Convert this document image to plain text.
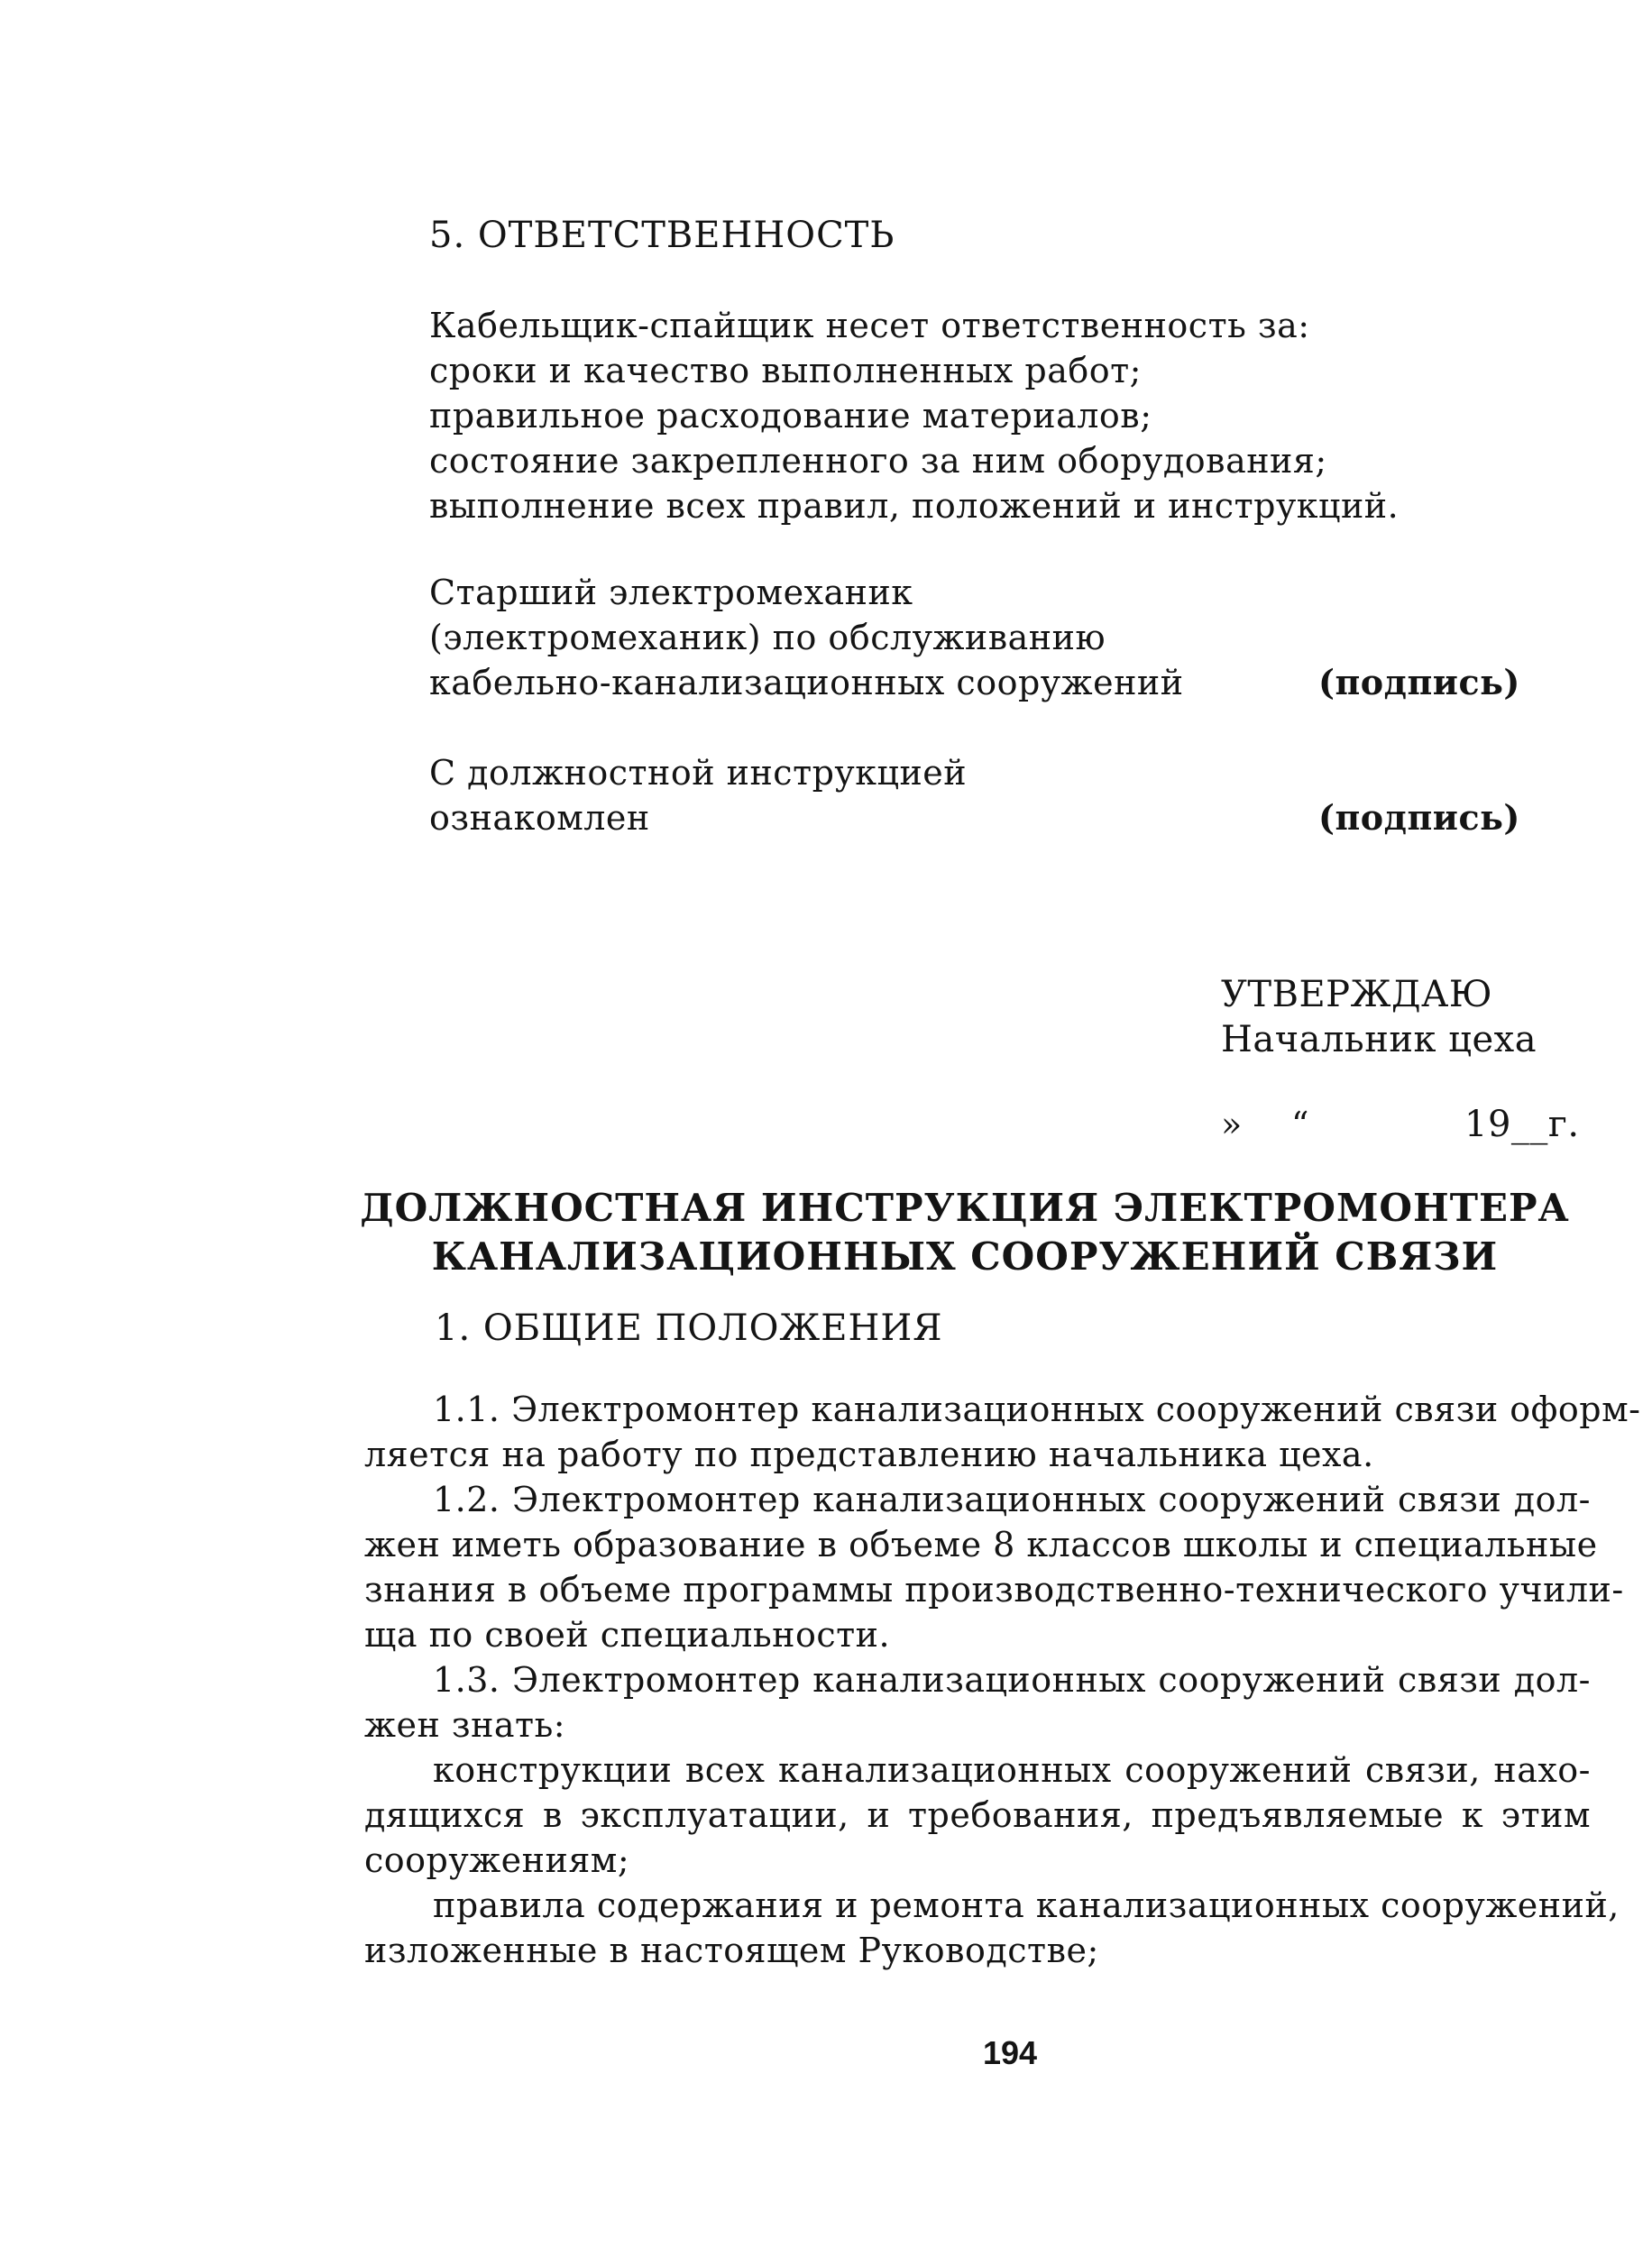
5. ОТВЕТСТВЕННОСТЬ
Кабельщик-спайщик несет ответственность за:
сроки и качество выполненных работ;
правильное расходование материалов;
состояние закрепленного за ним оборудования;
выполнение всех правил, положений и инструкций.
Старший электромеханик
(электромеханик) по обслуживанию
кабельно-канализационных сооружений	(подпись)
С должностной инструкцией
ознакомлен	(подпись)
УТВЕРЖДАЮ
Начальник цеха
» “	19__г.
ДОЛЖНОСТНАЯ ИНСТРУКЦИЯ ЭЛЕКТРОМОНТЕРА
КАНАЛИЗАЦИОННЫХ СООРУЖЕНИЙ СВЯЗИ
1. ОБЩИЕ ПОЛОЖЕНИЯ
1.1. Электромонтер канализационных сооружений связи оформ-
ляется на работу по представлению начальника цеха.
1.2. Электромонтер канализационных сооружений связи дол-
жен иметь образование в объеме 8 классов школы и специальные
знания в объеме программы производственно-технического учили-
ща по своей специальности.
1.3. Электромонтер канализационных сооружений связи дол-
жен знать:
конструкции всех канализационных сооружений связи, нахо-
дящихся в эксплуатации, и требования, предъявляемые к этим
сооружениям;
правила содержания и ремонта канализационных сооружений,
изложенные в настоящем Руководстве;
194
